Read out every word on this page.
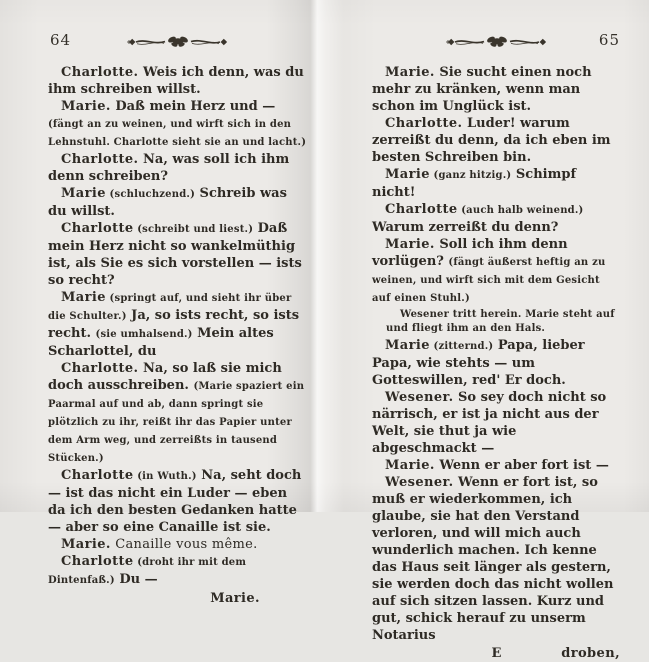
64

Charlotte. Weis ich denn, was du ihm schreiben willst.

Marie. Daß mein Herz und — (fängt an zu weinen, und wirft sich in den Lehnstuhl. Charlotte sieht sie an und lacht.)

Charlotte. Na, was soll ich ihm denn schreiben?

Marie (schluchzend.) Schreib was du willst.

Charlotte (schreibt und liest.) Daß mein Herz nicht so wankelmüthig ist, als Sie es sich vorstellen — ists so recht?

Marie (springt auf, und sieht ihr über die Schulter.) Ja, so ists recht, so ists recht. (sie umhalsend.) Mein altes Scharlottel, du

Charlotte. Na, so laß sie mich doch ausschreiben. (Marie spaziert ein Paarmal auf und ab, dann springt sie plötzlich zu ihr, reißt ihr das Papier unter dem Arm weg, und zerreißts in tausend Stücken.)

Charlotte (in Wuth.) Na, seht doch — ist das nicht ein Luder — eben da ich den besten Gedanken hatte — aber so eine Canaille ist sie.

Marie. Canaille vous même.

Charlotte (droht ihr mit dem Dintenfaß.) Du —

Marie.

65

Marie. Sie sucht einen noch mehr zu kränken, wenn man schon im Unglück ist.

Charlotte. Luder! warum zerreißt du denn, da ich eben im besten Schreiben bin.

Marie (ganz hitzig.) Schimpf nicht!

Charlotte (auch halb weinend.) Warum zerreißt du denn?

Marie. Soll ich ihm denn vorlügen? (fängt äußerst heftig an zu weinen, und wirft sich mit dem Gesicht auf einen Stuhl.)

Wesener tritt herein. Marie steht auf und fliegt ihm an den Hals.

Marie (zitternd.) Papa, lieber Papa, wie stehts — um Gotteswillen, red' Er doch.

Wesener. So sey doch nicht so närrisch, er ist ja nicht aus der Welt, sie thut ja wie abgeschmackt —

Marie. Wenn er aber fort ist —

Wesener. Wenn er fort ist, so muß er wiederkommen, ich glaube, sie hat den Verstand verloren, und will mich auch wunderlich machen. Ich kenne das Haus seit länger als gestern, sie werden doch das nicht wollen auf sich sitzen lassen. Kurz und gut, schick herauf zu unserm Notarius

E	droben,
